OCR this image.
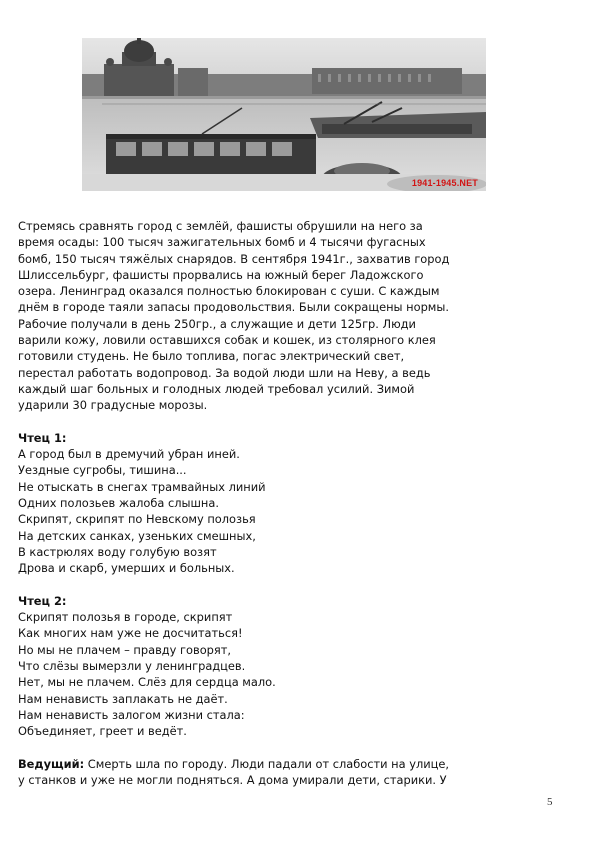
1941-1945.NET
Стремясь сравнять город с землёй, фашисты обрушили на него за
время осады: 100 тысяч зажигательных бомб и 4 тысячи фугасных
бомб, 150 тысяч тяжёлых снарядов. В сентября 1941г., захватив город
Шлиссельбург, фашисты прорвались на южный берег Ладожского
озера. Ленинград оказался полностью блокирован с суши. С каждым
днём в городе таяли запасы продовольствия. Были сокращены нормы.
Рабочие получали в день 250гр., а служащие и дети 125гр. Люди
варили кожу, ловили оставшихся собак и кошек, из столярного клея
готовили студень. Не было топлива, погас электрический свет,
перестал работать водопровод. За водой люди шли на Неву, а ведь
каждый шаг больных и голодных людей требовал усилий. Зимой
ударили 30 градусные морозы.
Чтец 1:
А город был в дремучий убран иней.
Уездные сугробы, тишина...
Не отыскать в снегах трамвайных линий
Одних полозьев жалоба слышна.
Скрипят, скрипят по Невскому полозья
На детских санках, узеньких смешных,
В кастрюлях воду голубую возят
Дрова и скарб, умерших и больных.
Чтец 2:
Скрипят полозья в городе, скрипят
Как многих нам уже не досчитаться!
Но мы не плачем – правду говорят,
Что слёзы вымерзли у ленинградцев.
Нет, мы не плачем. Слёз для сердца мало.
Нам ненависть заплакать не даёт.
Нам ненависть залогом жизни стала:
Объединяет, греет и ведёт.
Ведущий: Смерть шла по городу. Люди падали от слабости на улице,
у станков и уже не могли подняться. А дома умирали дети, старики. У
5
